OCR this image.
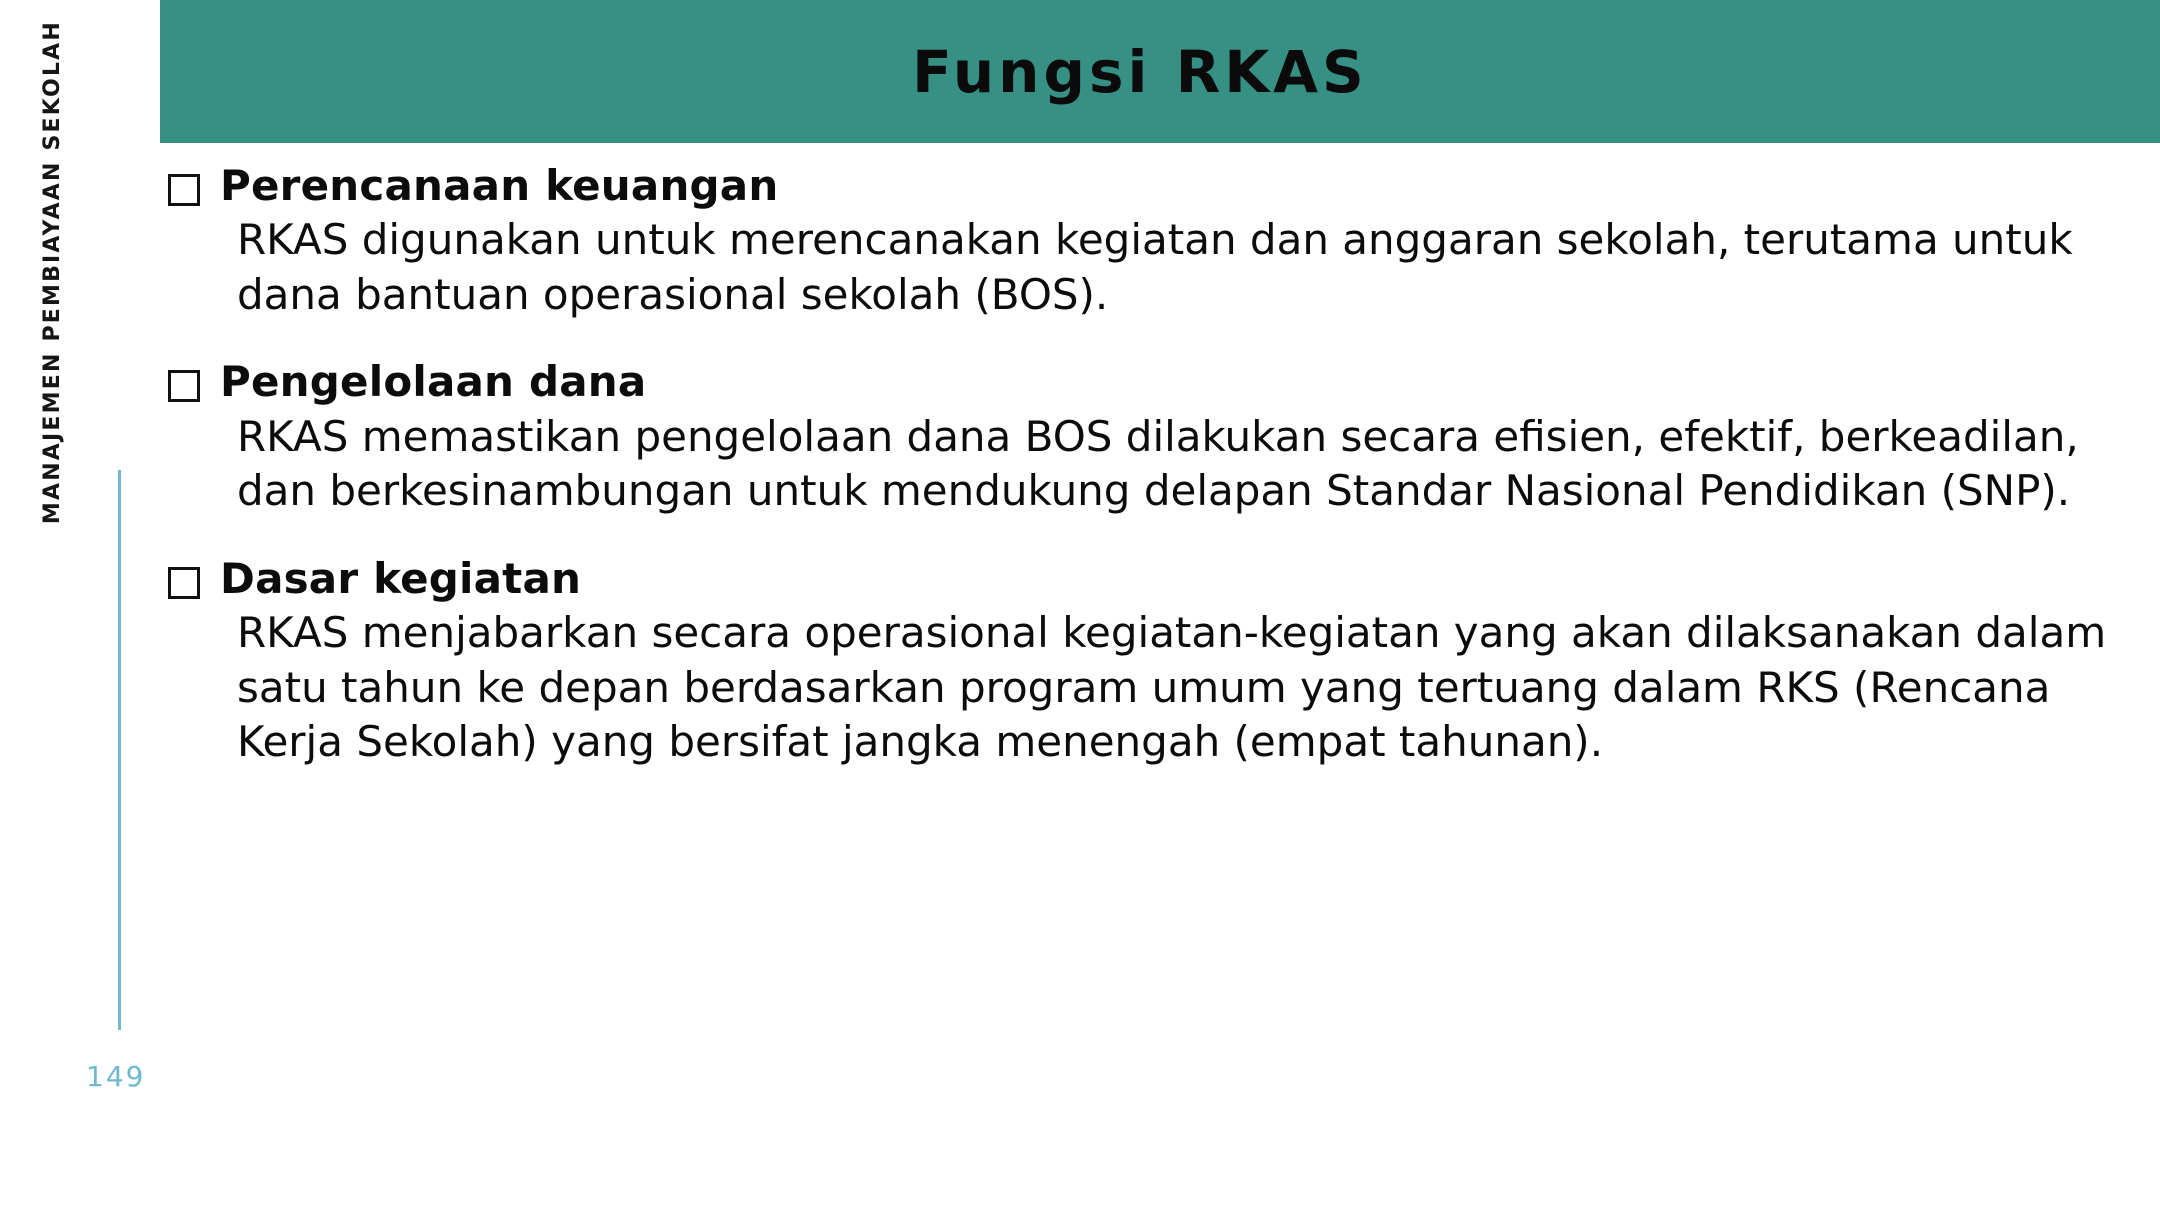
MANAJEMEN PEMBIAYAAN SEKOLAH
149
Fungsi RKAS
Perencanaan keuangan
RKAS digunakan untuk merencanakan kegiatan dan anggaran sekolah, terutama untuk dana bantuan operasional sekolah (BOS).
Pengelolaan dana
RKAS memastikan pengelolaan dana BOS dilakukan secara efisien, efektif, berkeadilan, dan berkesinambungan untuk mendukung delapan Standar Nasional Pendidikan (SNP).
Dasar kegiatan
RKAS menjabarkan secara operasional kegiatan-kegiatan yang akan dilaksanakan dalam satu tahun ke depan berdasarkan program umum yang tertuang dalam RKS (Rencana Kerja Sekolah) yang bersifat jangka menengah (empat tahunan).
